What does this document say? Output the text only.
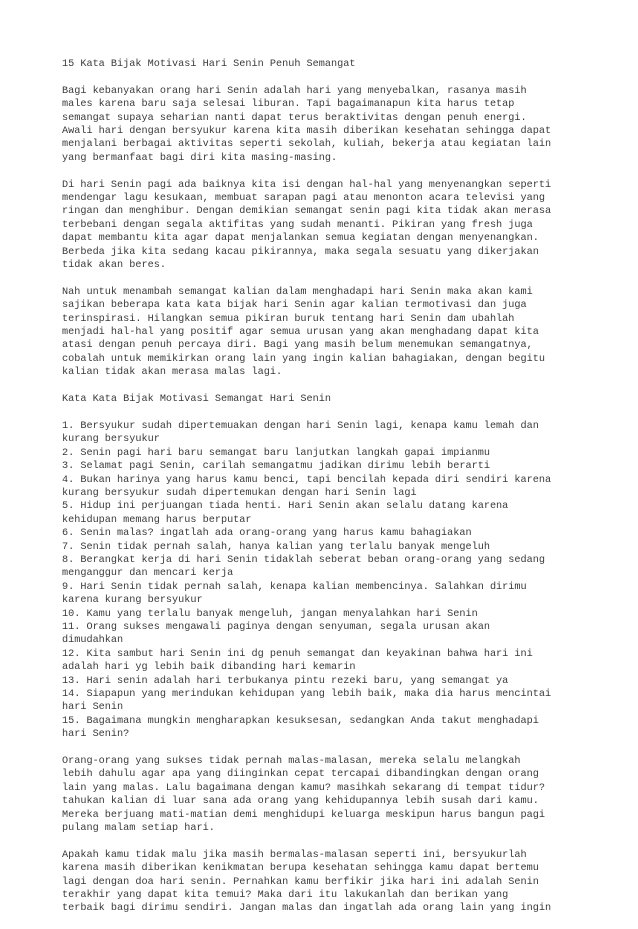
15 Kata Bijak Motivasi Hari Senin Penuh Semangat
Bagi kebanyakan orang hari Senin adalah hari yang menyebalkan, rasanya masih
males karena baru saja selesai liburan. Tapi bagaimanapun kita harus tetap
semangat supaya seharian nanti dapat terus beraktivitas dengan penuh energi.
Awali hari dengan bersyukur karena kita masih diberikan kesehatan sehingga dapat
menjalani berbagai aktivitas seperti sekolah, kuliah, bekerja atau kegiatan lain
yang bermanfaat bagi diri kita masing-masing.
Di hari Senin pagi ada baiknya kita isi dengan hal-hal yang menyenangkan seperti
mendengar lagu kesukaan, membuat sarapan pagi atau menonton acara televisi yang
ringan dan menghibur. Dengan demikian semangat senin pagi kita tidak akan merasa
terbebani dengan segala aktifitas yang sudah menanti. Pikiran yang fresh juga
dapat membantu kita agar dapat menjalankan semua kegiatan dengan menyenangkan.
Berbeda jika kita sedang kacau pikirannya, maka segala sesuatu yang dikerjakan
tidak akan beres.
Nah untuk menambah semangat kalian dalam menghadapi hari Senin maka akan kami
sajikan beberapa kata kata bijak hari Senin agar kalian termotivasi dan juga
terinspirasi. Hilangkan semua pikiran buruk tentang hari Senin dam ubahlah
menjadi hal-hal yang positif agar semua urusan yang akan menghadang dapat kita
atasi dengan penuh percaya diri. Bagi yang masih belum menemukan semangatnya,
cobalah untuk memikirkan orang lain yang ingin kalian bahagiakan, dengan begitu
kalian tidak akan merasa malas lagi.
Kata Kata Bijak Motivasi Semangat Hari Senin
1. Bersyukur sudah dipertemuakan dengan hari Senin lagi, kenapa kamu lemah dan
kurang bersyukur
2. Senin pagi hari baru semangat baru lanjutkan langkah gapai impianmu
3. Selamat pagi Senin, carilah semangatmu jadikan dirimu lebih berarti
4. Bukan harinya yang harus kamu benci, tapi bencilah kepada diri sendiri karena
kurang bersyukur sudah dipertemukan dengan hari Senin lagi
5. Hidup ini perjuangan tiada henti. Hari Senin akan selalu datang karena
kehidupan memang harus berputar
6. Senin malas? ingatlah ada orang-orang yang harus kamu bahagiakan
7. Senin tidak pernah salah, hanya kalian yang terlalu banyak mengeluh
8. Berangkat kerja di hari Senin tidaklah seberat beban orang-orang yang sedang
menganggur dan mencari kerja
9. Hari Senin tidak pernah salah, kenapa kalian membencinya. Salahkan dirimu
karena kurang bersyukur
10. Kamu yang terlalu banyak mengeluh, jangan menyalahkan hari Senin
11. Orang sukses mengawali paginya dengan senyuman, segala urusan akan
dimudahkan
12. Kita sambut hari Senin ini dg penuh semangat dan keyakinan bahwa hari ini
adalah hari yg lebih baik dibanding hari kemarin
13. Hari senin adalah hari terbukanya pintu rezeki baru, yang semangat ya
14. Siapapun yang merindukan kehidupan yang lebih baik, maka dia harus mencintai
hari Senin
15. Bagaimana mungkin mengharapkan kesuksesan, sedangkan Anda takut menghadapi
hari Senin?
Orang-orang yang sukses tidak pernah malas-malasan, mereka selalu melangkah
lebih dahulu agar apa yang diinginkan cepat tercapai dibandingkan dengan orang
lain yang malas. Lalu bagaimana dengan kamu? masihkah sekarang di tempat tidur?
tahukan kalian di luar sana ada orang yang kehidupannya lebih susah dari kamu.
Mereka berjuang mati-matian demi menghidupi keluarga meskipun harus bangun pagi
pulang malam setiap hari.
Apakah kamu tidak malu jika masih bermalas-malasan seperti ini, bersyukurlah
karena masih diberikan kenikmatan berupa kesehatan sehingga kamu dapat bertemu
lagi dengan doa hari senin. Pernahkan kamu berfikir jika hari ini adalah Senin
terakhir yang dapat kita temui? Maka dari itu lakukanlah dan berikan yang
terbaik bagi dirimu sendiri. Jangan malas dan ingatlah ada orang lain yang ingin
